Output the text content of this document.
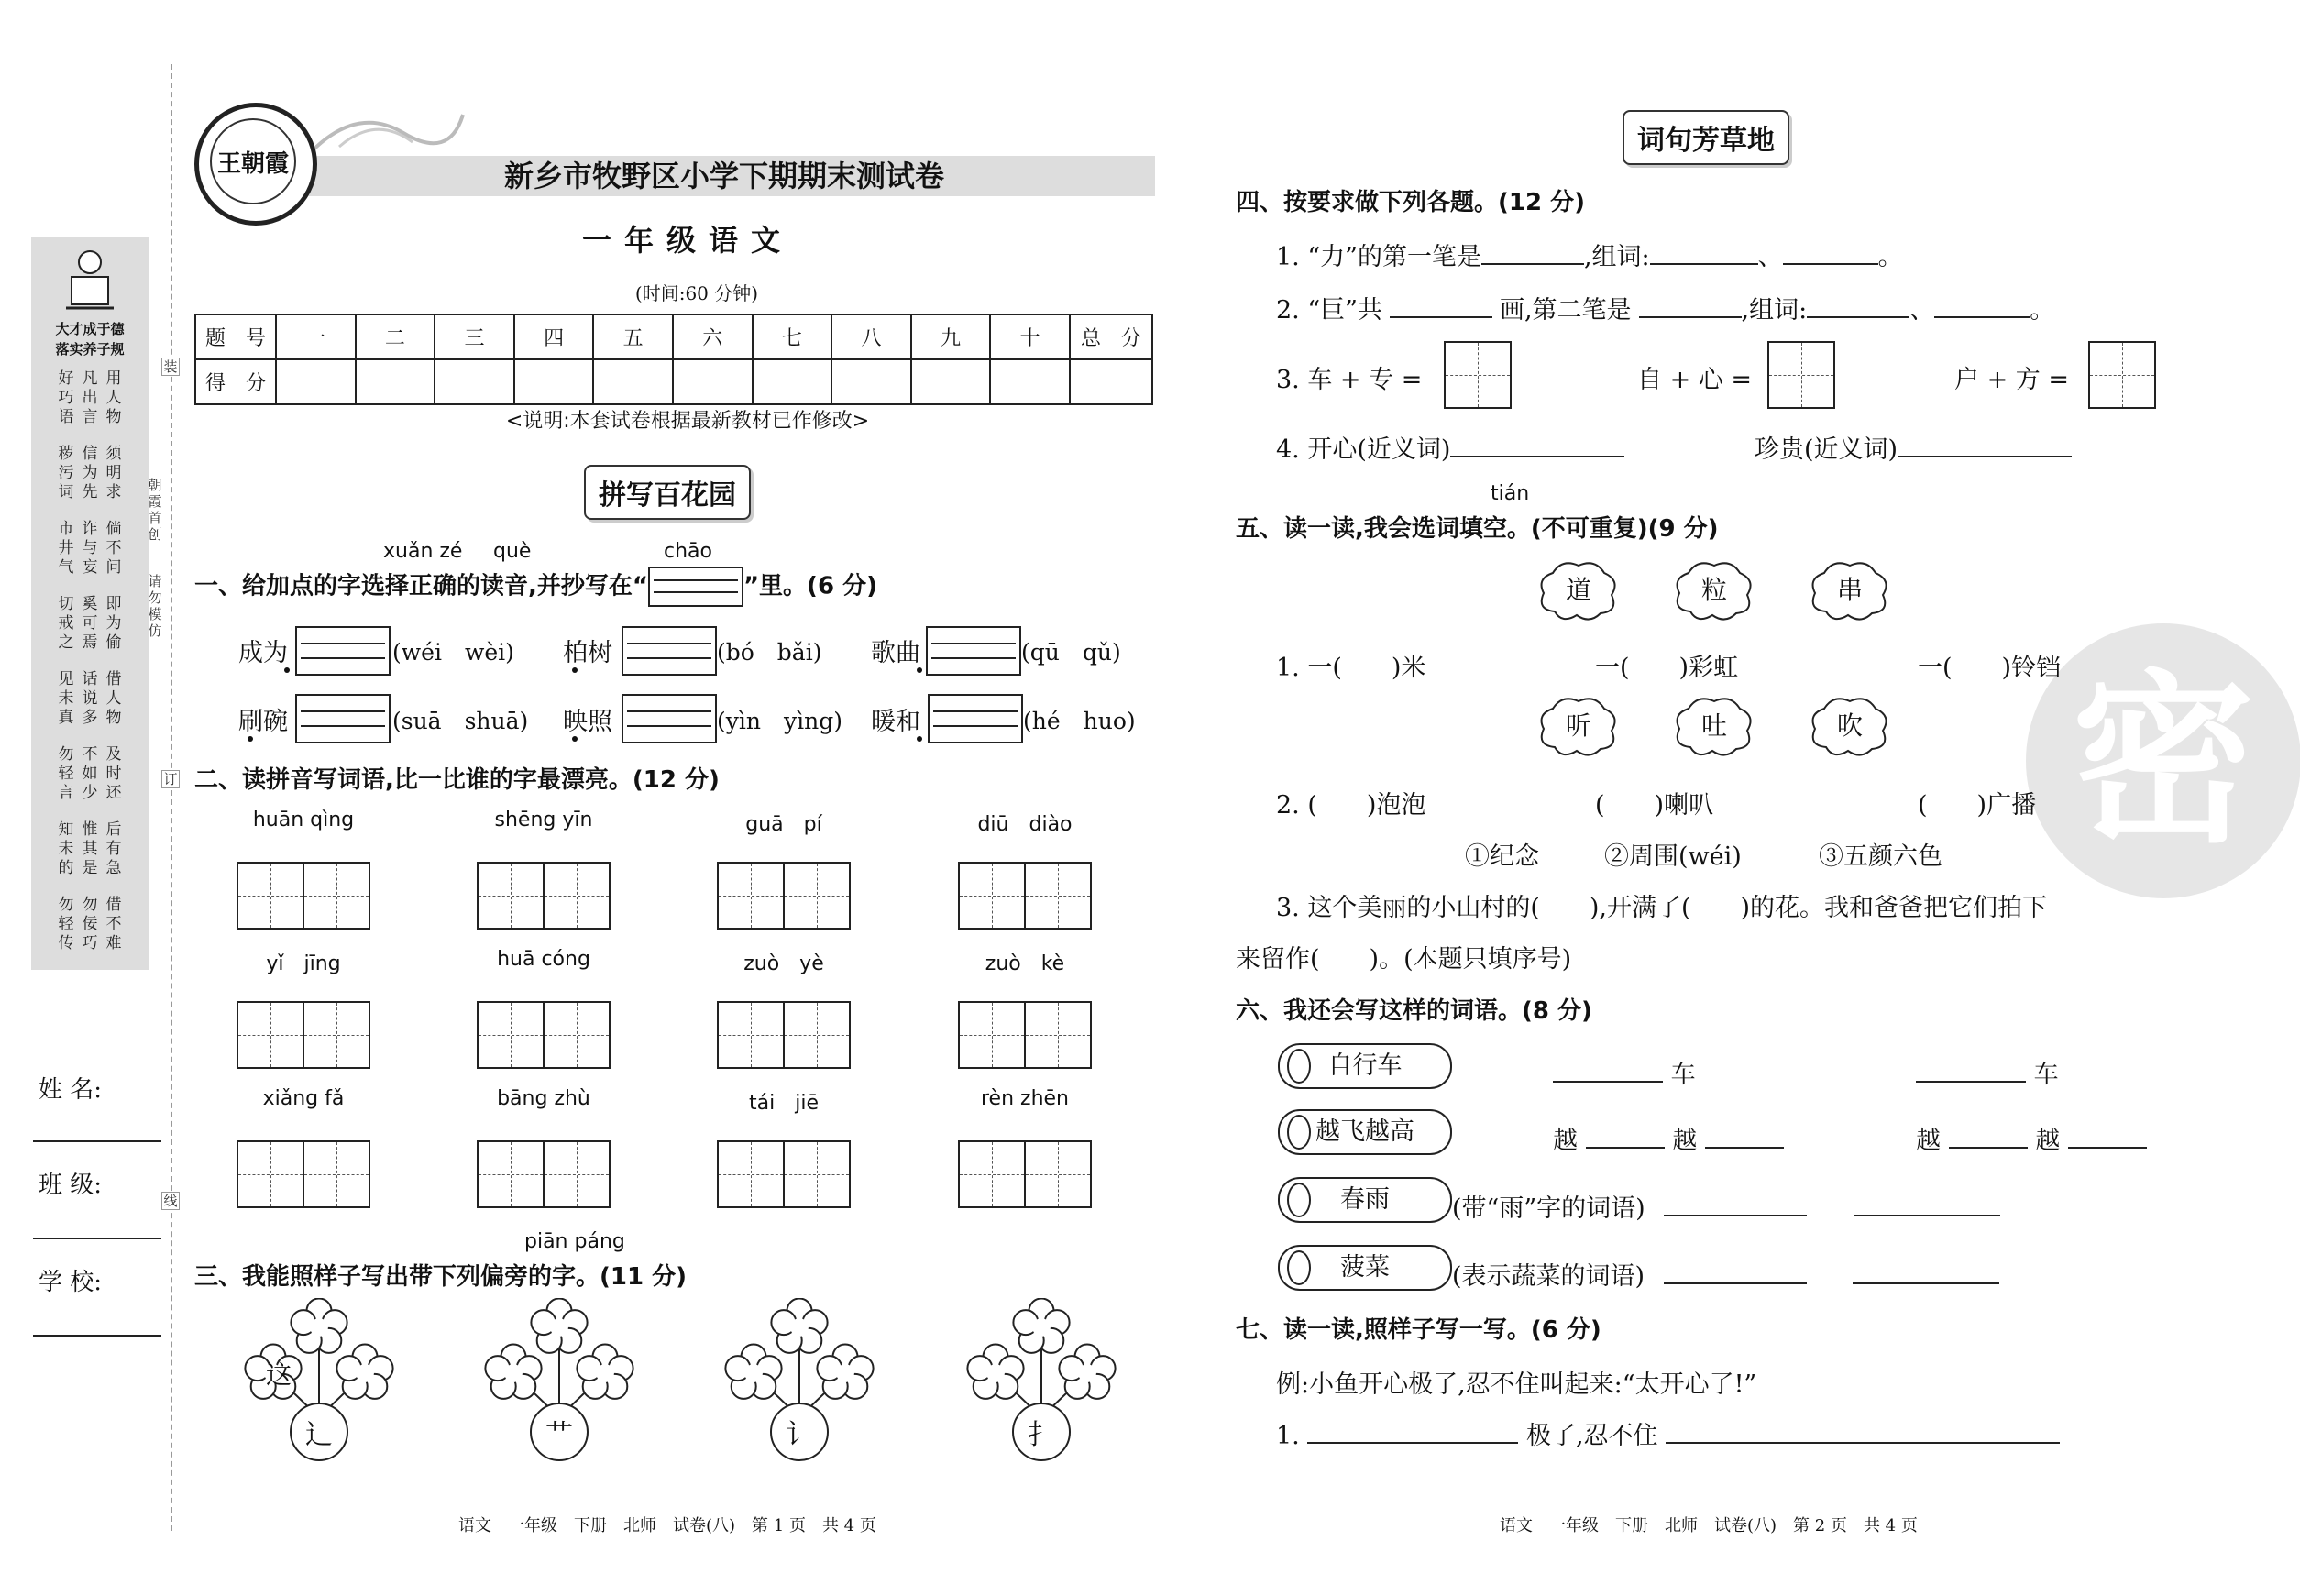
大才成于德
落实养子规
好巧语
凡出言
用人物
秽污词
信为先
须明求
市井气
诈与妄
倘不问
切戒之
奚可焉
即为偷
见未真
话说多
借人物
勿轻言
不如少
及时还
知未的
惟其是
后有急
勿轻传
勿佞巧
借不难
姓 名:
班 级:
学 校:
装
订
线
朝霞首创
请勿模仿
王朝霞	新乡市牧野区小学下期期末测试卷
一年级语文
(时间:60 分钟)
题　号	一	二	三	四	五	六	七	八	九	十	总　分
得　分											
<说明:本套试卷根据最新教材已作修改>
拼写百花园
xuǎn zé què	chāo
一、给加点的字选择正确的读音,并抄写在“	”里。(6 分)
成为	(wéi　wèi) 柏树	(bó　bǎi) 歌曲	(qū　qǔ)
刷碗	(suā　shuā) 映照	(yìn　yìng) 暖和	(hé　huo)
二、读拼音写词语,比一比谁的字最漂亮。(12 分)
huān qìng	shēng yīn	guā　pí	diū　diào
yǐ　jīng	huā cóng	zuò　yè	zuò　kè
xiǎng fǎ	bāng zhù	tái　jiē	rèn zhēn
piān páng
三、我能照样子写出带下列偏旁的字。(11 分)
辶
这
艹	讠	扌
语文　一年级　下册　北师　试卷(八)　第 1 页　共 4 页
密
词句芳草地
四、按要求做下列各题。(12 分)
1. “力”的第一笔是	,组词:	、	。
2. “巨”共	画,第二笔是	,组词:	、	。
3. 车 + 专 =	自 + 心 =	户 + 方 =
4. 开心(近义词)	珍贵(近义词)
tián
五、读一读,我会选词填空。(不可重复)(9 分)
道	粒	串
1. 一(　　)米	一(　　)彩虹	一(　　)铃铛
听	吐	吹
2. (　　)泡泡	(　　)喇叭	(　　)广播
①纪念	②周围(wéi)	③五颜六色
3. 这个美丽的小山村的(　　),开满了(　　)的花。我和爸爸把它们拍下
来留作(　　)。(本题只填序号)
六、我还会写这样的词语。(8 分)
自行车
越飞越高
春雨
菠菜
车	车
越	越	越	越
(带“雨”字的词语)
(表示蔬菜的词语)
七、读一读,照样子写一写。(6 分)
例:小鱼开心极了,忍不住叫起来:“太开心了!”
1.	极了,忍不住
语文　一年级　下册　北师　试卷(八)　第 2 页　共 4 页
